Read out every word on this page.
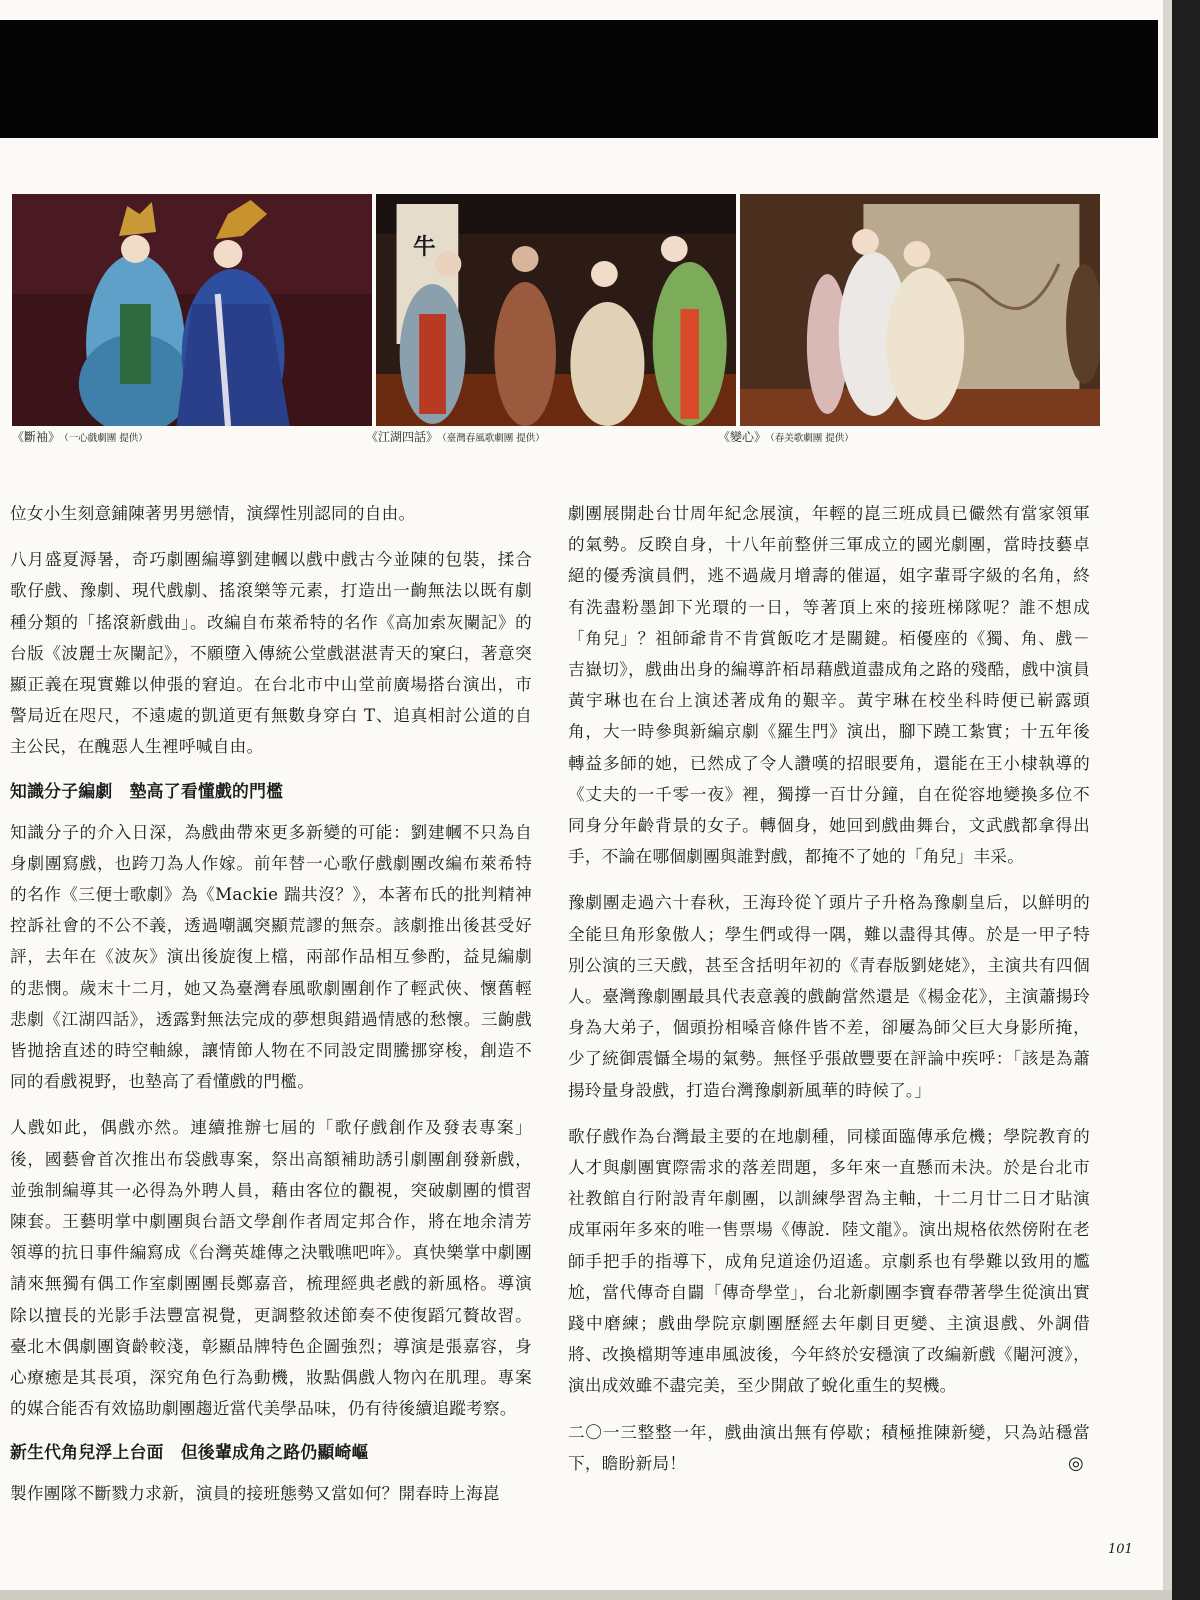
牛
《斷袖》 （一心戲劇團 提供）	《江湖四話》 （臺灣春風歌劇團 提供）	《變心》 （春美歌劇團 提供）

位女小生刻意鋪陳著男男戀情，演繹性別認同的自由。

八月盛夏溽暑，奇巧劇團編導劉建幗以戲中戲古今並陳的包裝，揉合歌仔戲、豫劇、現代戲劇、搖滾樂等元素，打造出一齣無法以既有劇種分類的「搖滾新戲曲」。改編自布萊希特的名作《高加索灰闌記》的台版《波麗士灰闌記》，不願墮入傳統公堂戲湛湛青天的窠臼，著意突顯正義在現實難以伸張的窘迫。在台北市中山堂前廣場搭台演出，市警局近在咫尺，不遠處的凱道更有無數身穿白 T、追真相討公道的自主公民，在醜惡人生裡呼喊自由。

知識分子編劇　墊高了看懂戲的門檻

知識分子的介入日深，為戲曲帶來更多新變的可能：劉建幗不只為自身劇團寫戲，也跨刀為人作嫁。前年替一心歌仔戲劇團改編布萊希特的名作《三便士歌劇》為《Mackie 踹共沒？》，本著布氏的批判精神控訴社會的不公不義，透過嘲諷突顯荒謬的無奈。該劇推出後甚受好評，去年在《波灰》演出後旋復上檔，兩部作品相互參酌，益見編劇的悲憫。歲末十二月，她又為臺灣春風歌劇團創作了輕武俠、懷舊輕悲劇《江湖四話》，透露對無法完成的夢想與錯過情感的愁懷。三齣戲皆拋捨直述的時空軸線，讓情節人物在不同設定間騰挪穿梭，創造不同的看戲視野，也墊高了看懂戲的門檻。

人戲如此，偶戲亦然。連續推辦七屆的「歌仔戲創作及發表專案」後，國藝會首次推出布袋戲專案，祭出高額補助誘引劇團創發新戲，並強制編導其一必得為外聘人員，藉由客位的觀視，突破劇團的慣習陳套。王藝明掌中劇團與台語文學創作者周定邦合作，將在地余清芳領導的抗日事件編寫成《台灣英雄傳之決戰噍吧哖》。真快樂掌中劇團請來無獨有偶工作室劇團團長鄭嘉音，梳理經典老戲的新風格。導演除以擅長的光影手法豐富視覺，更調整敘述節奏不使復蹈冗贅故習。臺北木偶劇團資齡較淺，彰顯品牌特色企圖強烈；導演是張嘉容，身心療癒是其長項，深究角色行為動機，妝點偶戲人物內在肌理。專案的媒合能否有效協助劇團趨近當代美學品味，仍有待後續追蹤考察。

新生代角兒浮上台面　但後輩成角之路仍顯崎嶇

製作團隊不斷戮力求新，演員的接班態勢又當如何？開春時上海崑

劇團展開赴台廿周年紀念展演，年輕的崑三班成員已儼然有當家領軍的氣勢。反睽自身，十八年前整併三軍成立的國光劇團，當時技藝卓絕的優秀演員們，逃不過歲月增壽的催逼，姐字輩哥字級的名角，終有洗盡粉墨卸下光環的一日，等著頂上來的接班梯隊呢？誰不想成「角兒」？祖師爺肯不肯賞飯吃才是關鍵。栢優座的《獨、角、戲－吉嶽切》，戲曲出身的編導許栢昂藉戲道盡成角之路的殘酷，戲中演員黃宇琳也在台上演述著成角的艱辛。黃宇琳在校坐科時便已嶄露頭角，大一時參與新編京劇《羅生門》演出，腳下蹺工紮實；十五年後轉益多師的她，已然成了令人讚嘆的招眼要角，還能在王小棣執導的《丈夫的一千零一夜》裡，獨撐一百廿分鐘，自在從容地變換多位不同身分年齡背景的女子。轉個身，她回到戲曲舞台，文武戲都拿得出手，不論在哪個劇團與誰對戲，都掩不了她的「角兒」丰采。

豫劇團走過六十春秋，王海玲從丫頭片子升格為豫劇皇后，以鮮明的全能旦角形象傲人；學生們或得一隅，難以盡得其傳。於是一甲子特別公演的三天戲，甚至含括明年初的《青春版劉姥姥》，主演共有四個人。臺灣豫劇團最具代表意義的戲齣當然還是《楊金花》，主演蕭揚玲身為大弟子，個頭扮相嗓音條件皆不差，卻屢為師父巨大身影所掩，少了統御震懾全場的氣勢。無怪乎張啟豐要在評論中疾呼：「該是為蕭揚玲量身設戲，打造台灣豫劇新風華的時候了。」

歌仔戲作為台灣最主要的在地劇種，同樣面臨傳承危機；學院教育的人才與劇團實際需求的落差問題，多年來一直懸而未決。於是台北市社教館自行附設青年劇團，以訓練學習為主軸，十二月廿二日才貼演成軍兩年多來的唯一售票場《傳說．陸文龍》。演出規格依然傍附在老師手把手的指導下，成角兒道途仍迢遙。京劇系也有學難以致用的尷尬，當代傳奇自闢「傳奇學堂」，台北新劇團李寶春帶著學生從演出實踐中磨練；戲曲學院京劇團歷經去年劇目更變、主演退戲、外調借將、改換檔期等連串風波後，今年終於安穩演了改編新戲《閹河渡》，演出成效雖不盡完美，至少開啟了蛻化重生的契機。

二〇一三整整一年，戲曲演出無有停歇；積極推陳新變，只為站穩當下，瞻盼新局！	◎

101
